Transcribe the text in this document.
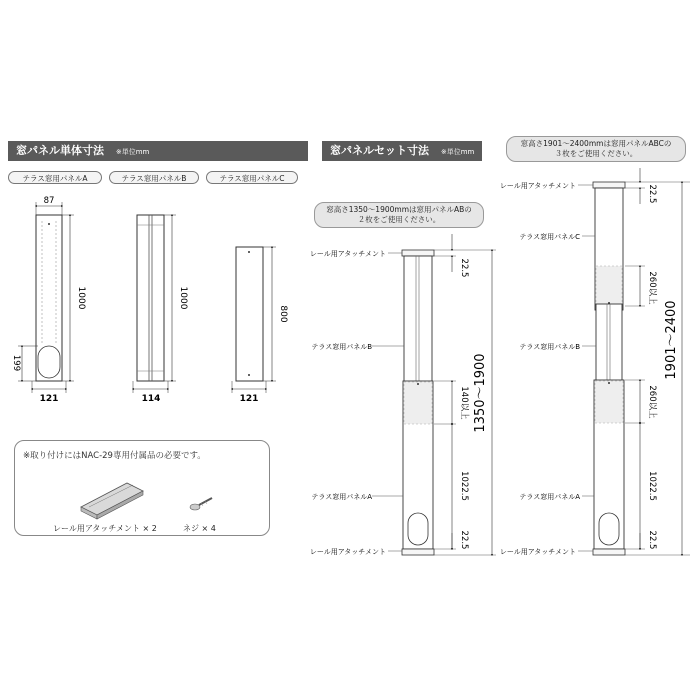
窓パネル単体寸法 ※単位mm	窓パネルセット寸法 ※単位mm
テラス窓用パネルA	テラス窓用パネルB	テラス窓用パネルC
窓高さ1350～1900mmは窓用パネルABの
２枚をご使用ください。
窓高さ1901～2400mmは窓用パネルABCの
３枚をご使用ください。
87
1000
199
121
1000
114
800
121
レール用アタッチメント
テラス窓用パネルB
テラス窓用パネルA
レール用アタッチメント
22.5
140以上
1022.5
22.5
1350～1900
レール用アタッチメント
テラス窓用パネルC
テラス窓用パネルB
テラス窓用パネルA
レール用アタッチメント
22.5
260以上
260以上
1022.5
22.5
1901～2400
※取り付けにはNAC-29専用付属品の必要です。
レール用アタッチメント × 2	ネジ × 4
